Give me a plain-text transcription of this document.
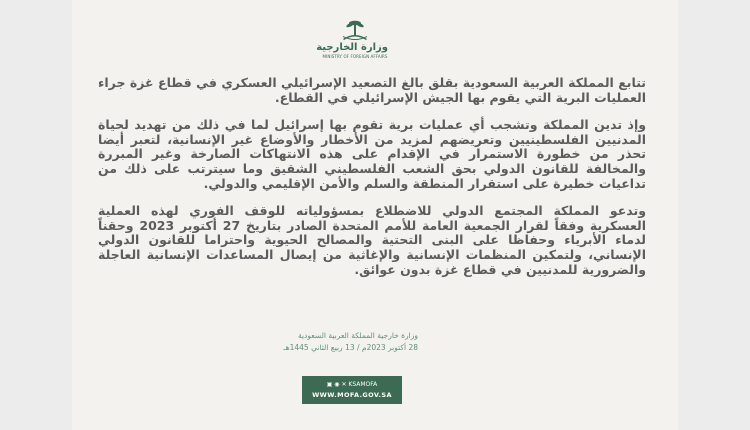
وزارة الخارجية
MINISTRY OF FOREIGN AFFAIRS

تتابع المملكة العربية السعودية بقلق بالغ التصعيد الإسرائيلي العسكري في قطاع غزة جراء العمليات البرية التي يقوم بها الجيش الإسرائيلي في القطاع.

وإذ تدين المملكة وتشجب أي عمليات برية تقوم بها إسرائيل لما في ذلك من تهديد لحياة المدنيين الفلسطينيين وتعريضهم لمزيد من الأخطار والأوضاع غير الإنسانية، لتعبر أيضا تحذر من خطورة الاستمرار في الإقدام على هذه الانتهاكات الصارخة وغير المبررة والمخالفة للقانون الدولي بحق الشعب الفلسطيني الشقيق وما سيترتب على ذلك من تداعيات خطيرة على استقرار المنطقة والسلم والأمن الإقليمي والدولي.

وتدعو المملكة المجتمع الدولي للاضطلاع بمسؤولياته للوقف الفوري لهذه العملية العسكرية وفقاً لقرار الجمعية العامة للأمم المتحدة الصادر بتاريخ 27 أكتوبر 2023 وحقناً لدماء الأبرياء وحفاظا على البنى التحتية والمصالح الحيوية واحتراما للقانون الدولي الإنساني، ولتمكين المنظمات الإنسانية والإغاثية من إيصال المساعدات الإنسانية العاجلة والضرورية للمدنيين في قطاع غزة بدون عوائق.

وزارة خارجية المملكة العربية السعودية
28 أكتوبر 2023م / 13 ربيع الثاني 1445هـ
▣ ◉ ✕ KSAMOFA
WWW.MOFA.GOV.SA
